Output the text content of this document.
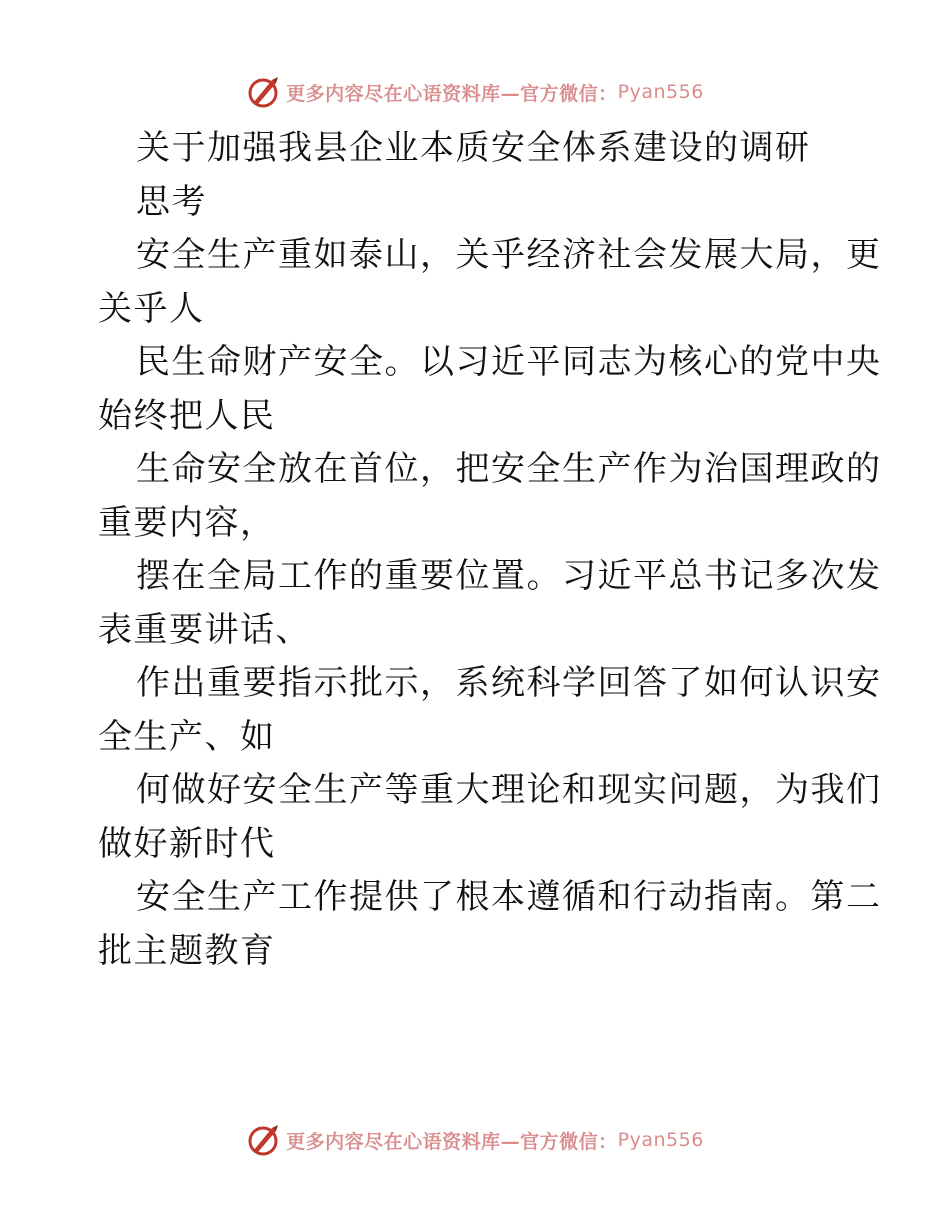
更多内容尽在心语资料库—官方微信： Pyan556
关于加强我县企业本质安全体系建设的调研
思考
安全生产重如泰山，关乎经济社会发展大局，更
关乎人
民生命财产安全。以习近平同志为核心的党中央
始终把人民
生命安全放在首位，把安全生产作为治国理政的
重要内容，
摆在全局工作的重要位置。习近平总书记多次发
表重要讲话、
作出重要指示批示，系统科学回答了如何认识安
全生产、如
何做好安全生产等重大理论和现实问题，为我们
做好新时代
安全生产工作提供了根本遵循和行动指南。第二
批主题教育
更多内容尽在心语资料库—官方微信： Pyan556
